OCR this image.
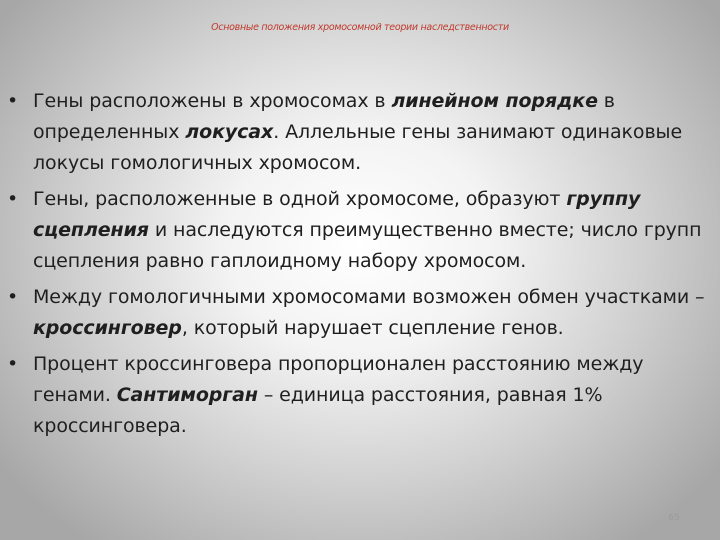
Основные положения хромосомной теории наследственности
• Гены расположены в хромосомах в линейном порядке в определенных локусах. Аллельные гены занимают одинаковые локусы гомологичных хромосом.
• Гены, расположенные в одной хромосоме, образуют группу сцепления и наследуются преимущественно вместе; число групп сцепления равно гаплоидному набору хромосом.
• Между гомологичными хромосомами возможен обмен участками – кроссинговер, который нарушает сцепление генов.
• Процент кроссинговера пропорционален расстоянию между генами. Сантиморган – единица расстояния, равная 1% кроссинговера.
65
